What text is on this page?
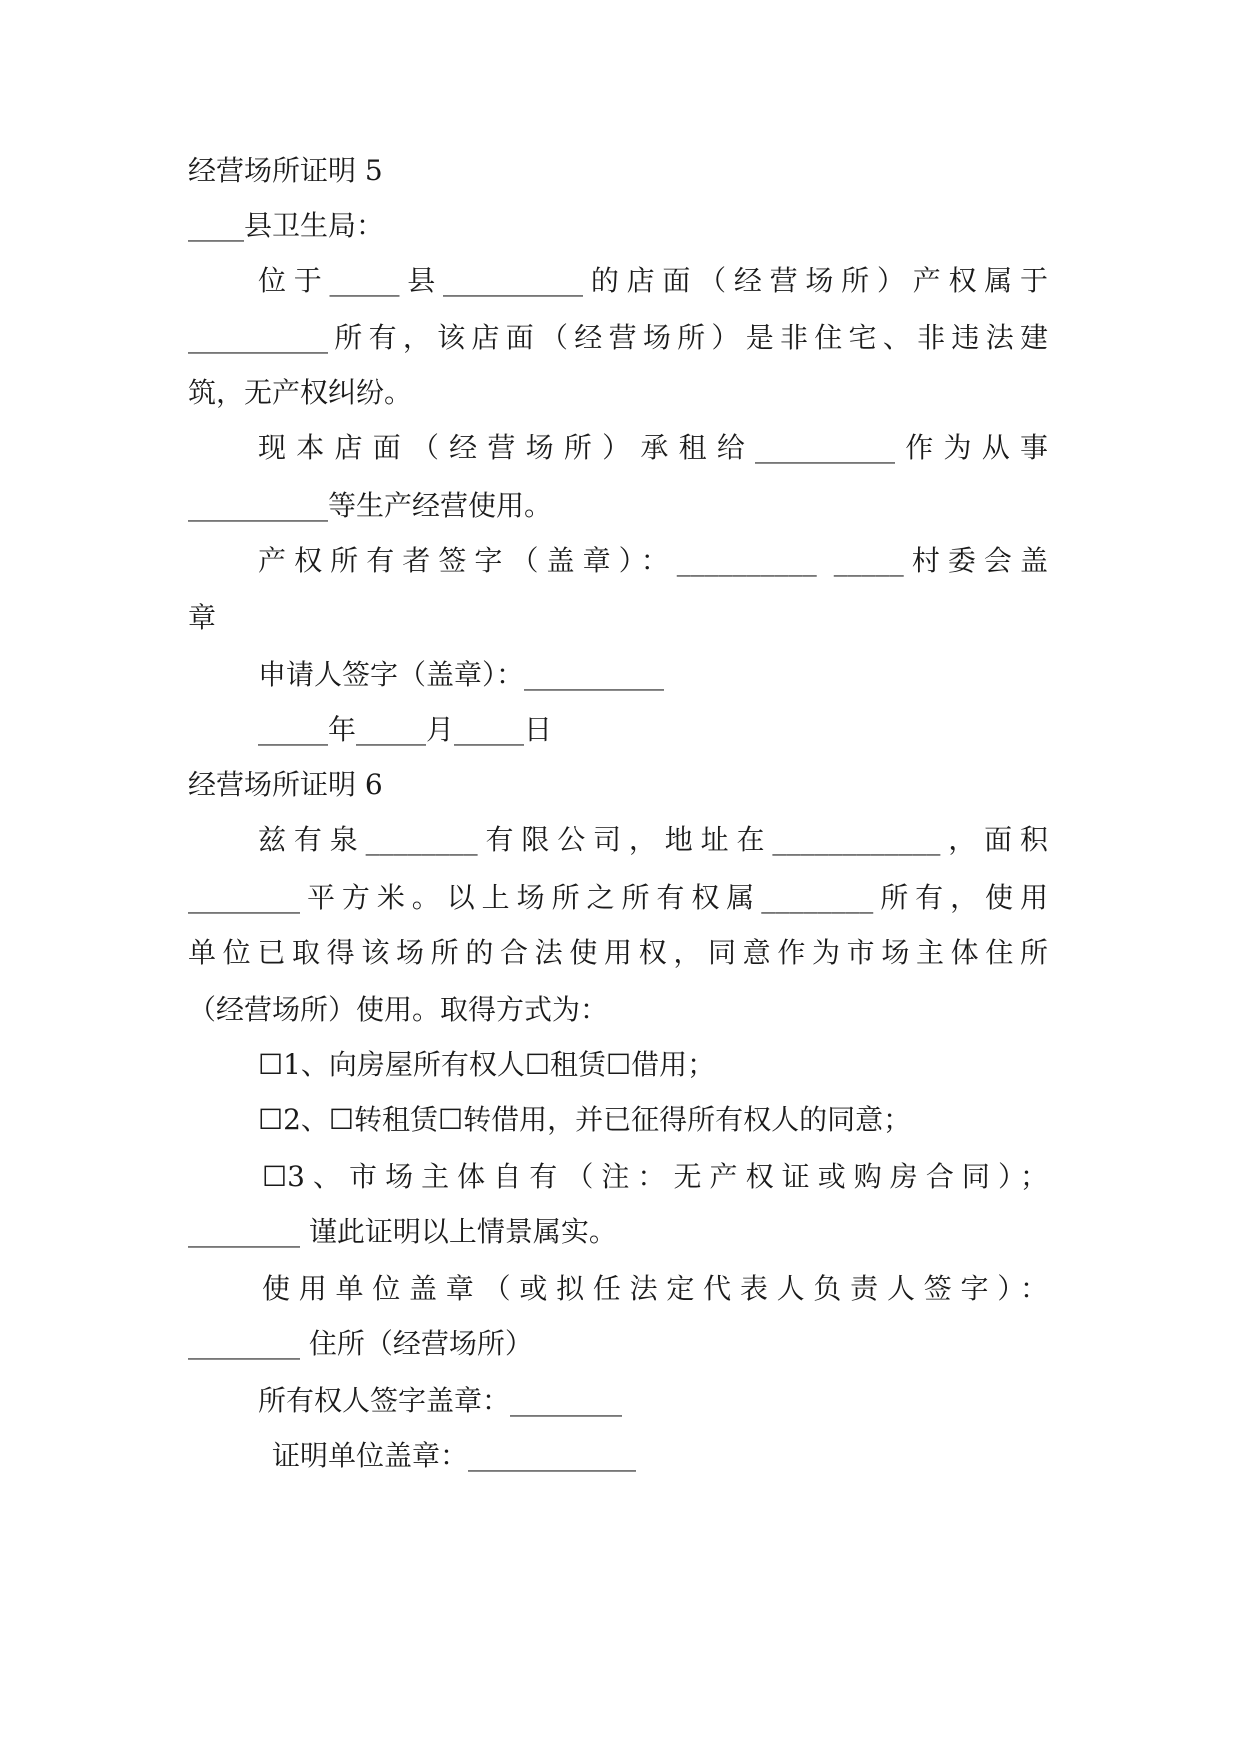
经营场所证明 5

____县卫生局：

位于_____县__________的店面（经营场所）产权属于

__________所有，该店面（经营场所）是非住宅、非违法建

筑，无产权纠纷。

现本店面（经营场所）承租给__________作为从事

__________等生产经营使用。

产权所有者签字（盖章）：__________ _____村委会盖

章

申请人签字（盖章）：__________

_____年_____月_____日

经营场所证明 6

兹有泉________有限公司，地址在____________，面积

________平方米。以上场所之所有权属________所有，使用

单位已取得该场所的合法使用权，同意作为市场主体住所

（经营场所）使用。取得方式为：

☐1、向房屋所有权人☐租赁☐借用；

☐2、☐转租赁☐转借用，并已征得所有权人的同意；

☐3、市场主体自有（注：无产权证或购房合同）；

________ 谨此证明以上情景属实。

使用单位盖章（或拟任法定代表人负责人签字）：

________ 住所（经营场所）

所有权人签字盖章：________

证明单位盖章：____________
